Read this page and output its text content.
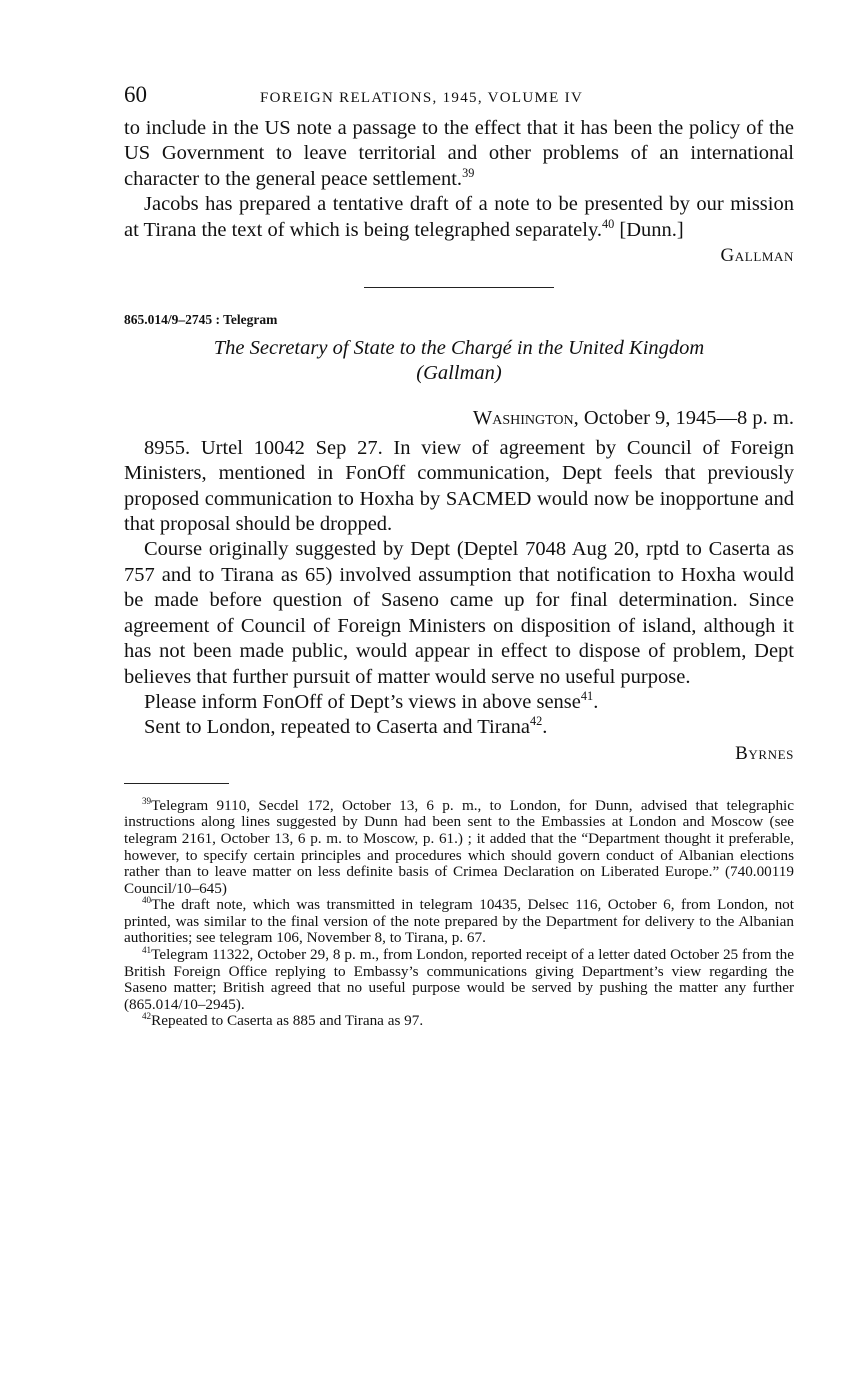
60	FOREIGN RELATIONS, 1945, VOLUME IV

to include in the US note a passage to the effect that it has been the policy of the US Government to leave territorial and other problems of an international character to the general peace settlement.$^{39}$

Jacobs has prepared a tentative draft of a note to be presented by our mission at Tirana the text of which is being telegraphed separately.$^{40}$ [Dunn.]

Gallman

865.014/9–2745 : Telegram

The Secretary of State to the Chargé in the United Kingdom
(Gallman)
Washington, October 9, 1945—8 p. m.

8955. Urtel 10042 Sep 27. In view of agreement by Council of Foreign Ministers, mentioned in FonOff communication, Dept feels that previously proposed communication to Hoxha by SACMED would now be inopportune and that proposal should be dropped.

Course originally suggested by Dept (Deptel 7048 Aug 20, rptd to Caserta as 757 and to Tirana as 65) involved assumption that notification to Hoxha would be made before question of Saseno came up for final determination. Since agreement of Council of Foreign Ministers on disposition of island, although it has not been made public, would appear in effect to dispose of problem, Dept believes that further pursuit of matter would serve no useful purpose.

Please inform FonOff of Dept’s views in above sense$^{41}$.

Sent to London, repeated to Caserta and Tirana$^{42}$.

Byrnes

$^{39}$Telegram 9110, Secdel 172, October 13, 6 p. m., to London, for Dunn, advised that telegraphic instructions along lines suggested by Dunn had been sent to the Embassies at London and Moscow (see telegram 2161, October 13, 6 p. m. to Moscow, p. 61.) ; it added that the “Department thought it preferable, however, to specify certain principles and procedures which should govern conduct of Albanian elections rather than to leave matter on less definite basis of Crimea Declaration on Liberated Europe.” (740.00119 Council/10–645)

$^{40}$The draft note, which was transmitted in telegram 10435, Delsec 116, October 6, from London, not printed, was similar to the final version of the note prepared by the Department for delivery to the Albanian authorities; see telegram 106, November 8, to Tirana, p. 67.

$^{41}$Telegram 11322, October 29, 8 p. m., from London, reported receipt of a letter dated October 25 from the British Foreign Office replying to Embassy’s communications giving Department’s view regarding the Saseno matter; British agreed that no useful purpose would be served by pushing the matter any further (865.014/10–2945).

$^{42}$Repeated to Caserta as 885 and Tirana as 97.
